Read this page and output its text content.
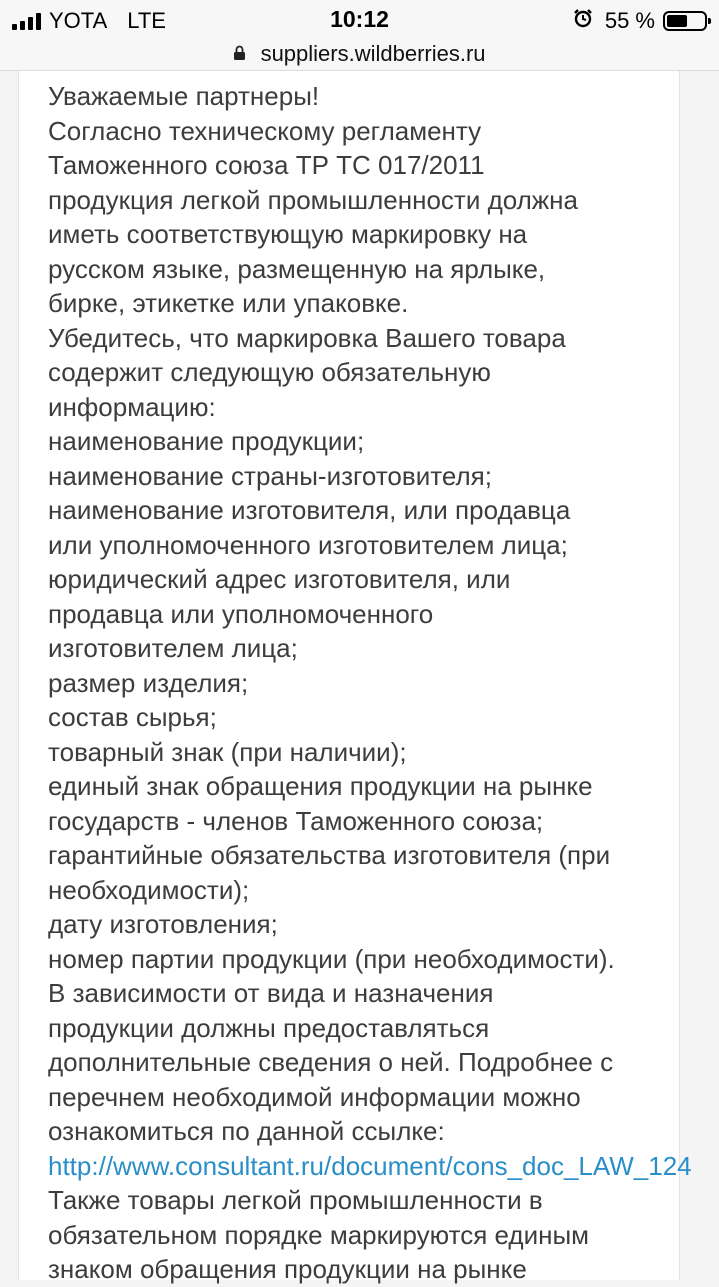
YOTA LTE	10:12	55 %
suppliers.wildberries.ru

Уважаемые партнеры!

Согласно техническому регламенту

Таможенного союза ТР ТС 017/2011

продукция легкой промышленности должна

иметь соответствующую маркировку на

русском языке, размещенную на ярлыке,

бирке, этикетке или упаковке.

Убедитесь, что маркировка Вашего товара

содержит следующую обязательную

информацию:

наименование продукции;

наименование страны-изготовителя;

наименование изготовителя, или продавца

или уполномоченного изготовителем лица;

юридический адрес изготовителя, или

продавца или уполномоченного

изготовителем лица;

размер изделия;

состав сырья;

товарный знак (при наличии);

единый знак обращения продукции на рынке

государств - членов Таможенного союза;

гарантийные обязательства изготовителя (при

необходимости);

дату изготовления;

номер партии продукции (при необходимости).

В зависимости от вида и назначения

продукции должны предоставляться

дополнительные сведения о ней. Подробнее с

перечнем необходимой информации можно

ознакомиться по данной ссылке:

http://www.consultant.ru/document/cons_doc_LAW_124

Также товары легкой промышленности в

обязательном порядке маркируются единым

знаком обращения продукции на рынке
